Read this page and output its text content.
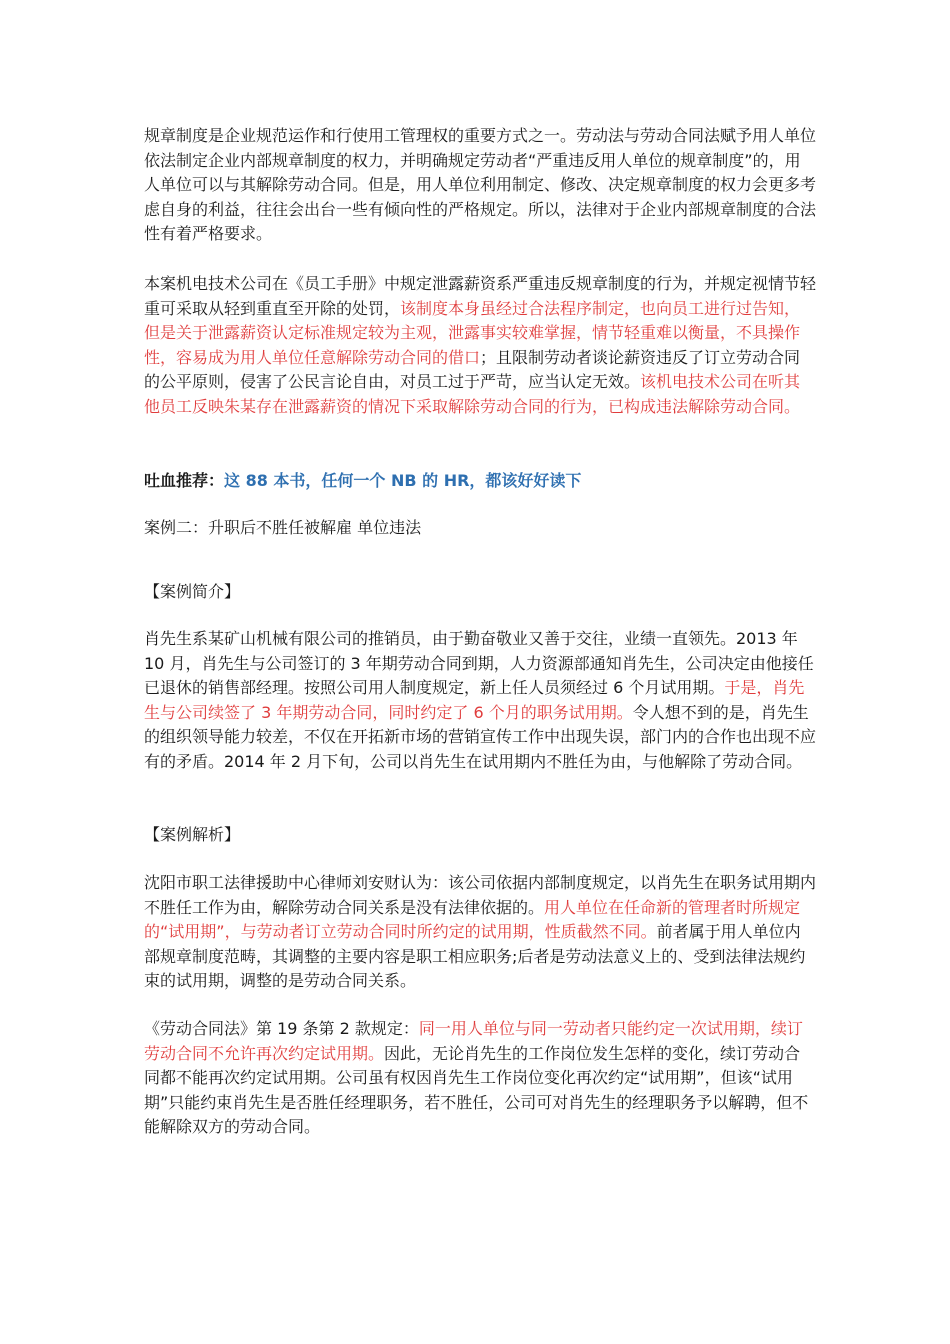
规章制度是企业规范运作和行使用工管理权的重要方式之一。劳动法与劳动合同法赋予用人单位依法制定企业内部规章制度的权力，并明确规定劳动者“严重违反用人单位的规章制度”的，用人单位可以与其解除劳动合同。但是，用人单位利用制定、修改、决定规章制度的权力会更多考虑自身的利益，往往会出台一些有倾向性的严格规定。所以，法律对于企业内部规章制度的合法性有着严格要求。

本案机电技术公司在《员工手册》中规定泄露薪资系严重违反规章制度的行为，并规定视情节轻重可采取从轻到重直至开除的处罚，该制度本身虽经过合法程序制定，也向员工进行过告知，但是关于泄露薪资认定标准规定较为主观，泄露事实较难掌握，情节轻重难以衡量，不具操作性，容易成为用人单位任意解除劳动合同的借口；且限制劳动者谈论薪资违反了订立劳动合同的公平原则，侵害了公民言论自由，对员工过于严苛，应当认定无效。该机电技术公司在听其他员工反映朱某存在泄露薪资的情况下采取解除劳动合同的行为，已构成违法解除劳动合同。

吐血推荐：这 88 本书，任何一个 NB 的 HR，都该好好读下

案例二：升职后不胜任被解雇 单位违法

【案例简介】

肖先生系某矿山机械有限公司的推销员，由于勤奋敬业又善于交往，业绩一直领先。2013 年 10 月，肖先生与公司签订的 3 年期劳动合同到期，人力资源部通知肖先生，公司决定由他接任已退休的销售部经理。按照公司用人制度规定，新上任人员须经过 6 个月试用期。于是，肖先生与公司续签了 3 年期劳动合同，同时约定了 6 个月的职务试用期。令人想不到的是，肖先生的组织领导能力较差，不仅在开拓新市场的营销宣传工作中出现失误，部门内的合作也出现不应有的矛盾。2014 年 2 月下旬，公司以肖先生在试用期内不胜任为由，与他解除了劳动合同。

【案例解析】

沈阳市职工法律援助中心律师刘安财认为：该公司依据内部制度规定，以肖先生在职务试用期内不胜任工作为由，解除劳动合同关系是没有法律依据的。用人单位在任命新的管理者时所规定的“试用期”，与劳动者订立劳动合同时所约定的试用期，性质截然不同。前者属于用人单位内部规章制度范畴，其调整的主要内容是职工相应职务;后者是劳动法意义上的、受到法律法规约束的试用期，调整的是劳动合同关系。

《劳动合同法》第 19 条第 2 款规定：同一用人单位与同一劳动者只能约定一次试用期，续订劳动合同不允许再次约定试用期。因此，无论肖先生的工作岗位发生怎样的变化，续订劳动合同都不能再次约定试用期。公司虽有权因肖先生工作岗位变化再次约定“试用期”，但该“试用期”只能约束肖先生是否胜任经理职务，若不胜任，公司可对肖先生的经理职务予以解聘，但不能解除双方的劳动合同。
